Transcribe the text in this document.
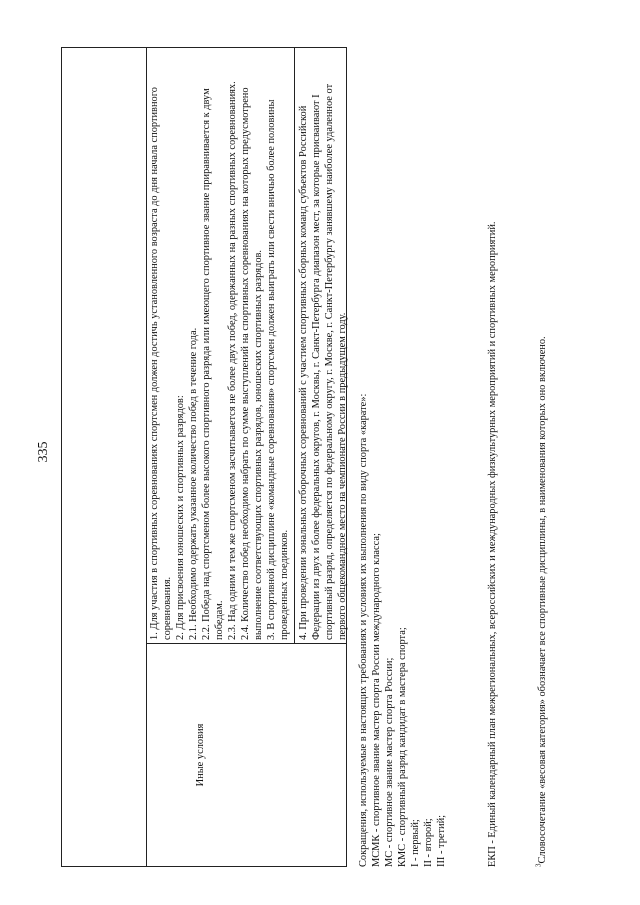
335
Иные условия

1. Для участия в спортивных соревнованиях спортсмен должен достичь установленного возраста до дня начала спортивного соревнования. 2. Для присвоения юношеских и спортивных разрядов: 2.1. Необходимо одержать указанное количество побед в течение года. 2.2. Победа над спортсменом более высокого спортивного разряда или имеющего спортивное звание приравнивается к двум победам. 2.3. Над одним и тем же спортсменом засчитывается не более двух побед, одержанных на разных спортивных соревнованиях. 2.4. Количество побед необходимо набрать по сумме выступлений на спортивных соревнованиях на которых предусмотрено выполнение соответствующих спортивных разрядов, юношеских спортивных разрядов. 3. В спортивной дисциплине «командные соревнования» спортсмен должен выиграть или свести вничью более половины проведенных поединков. 4. При проведении зональных отборочных соревнований с участием спортивных сборных команд субъектов Российской Федерации из двух и более федеральных округов, г. Москвы, г. Санкт-Петербурга диапазон мест, за которые присваивают I спортивный разряд, определяется по федеральному округу, г. Москве, г. Санкт-Петербургу занявшему наиболее удаленное от первого общекомандное место на чемпионате России в предыдущем году. Сокращения, используемые в настоящих требованиях и условиях их выполнения по виду спорта «карате»: МСМК - спортивное звание мастер спорта России международного класса; МС - спортивное звание мастер спорта России; КМС - спортивный разряд кандидат в мастера спорта; I - первый; II - второй; III - третий;	ЕКП - Единый календарный план межрегиональных, всероссийских и международных физкультурных мероприятий и спортивных мероприятий.	$^3$Словосочетание «весовая категория» обозначает все спортивные дисциплины, в наименования которых оно включено.
